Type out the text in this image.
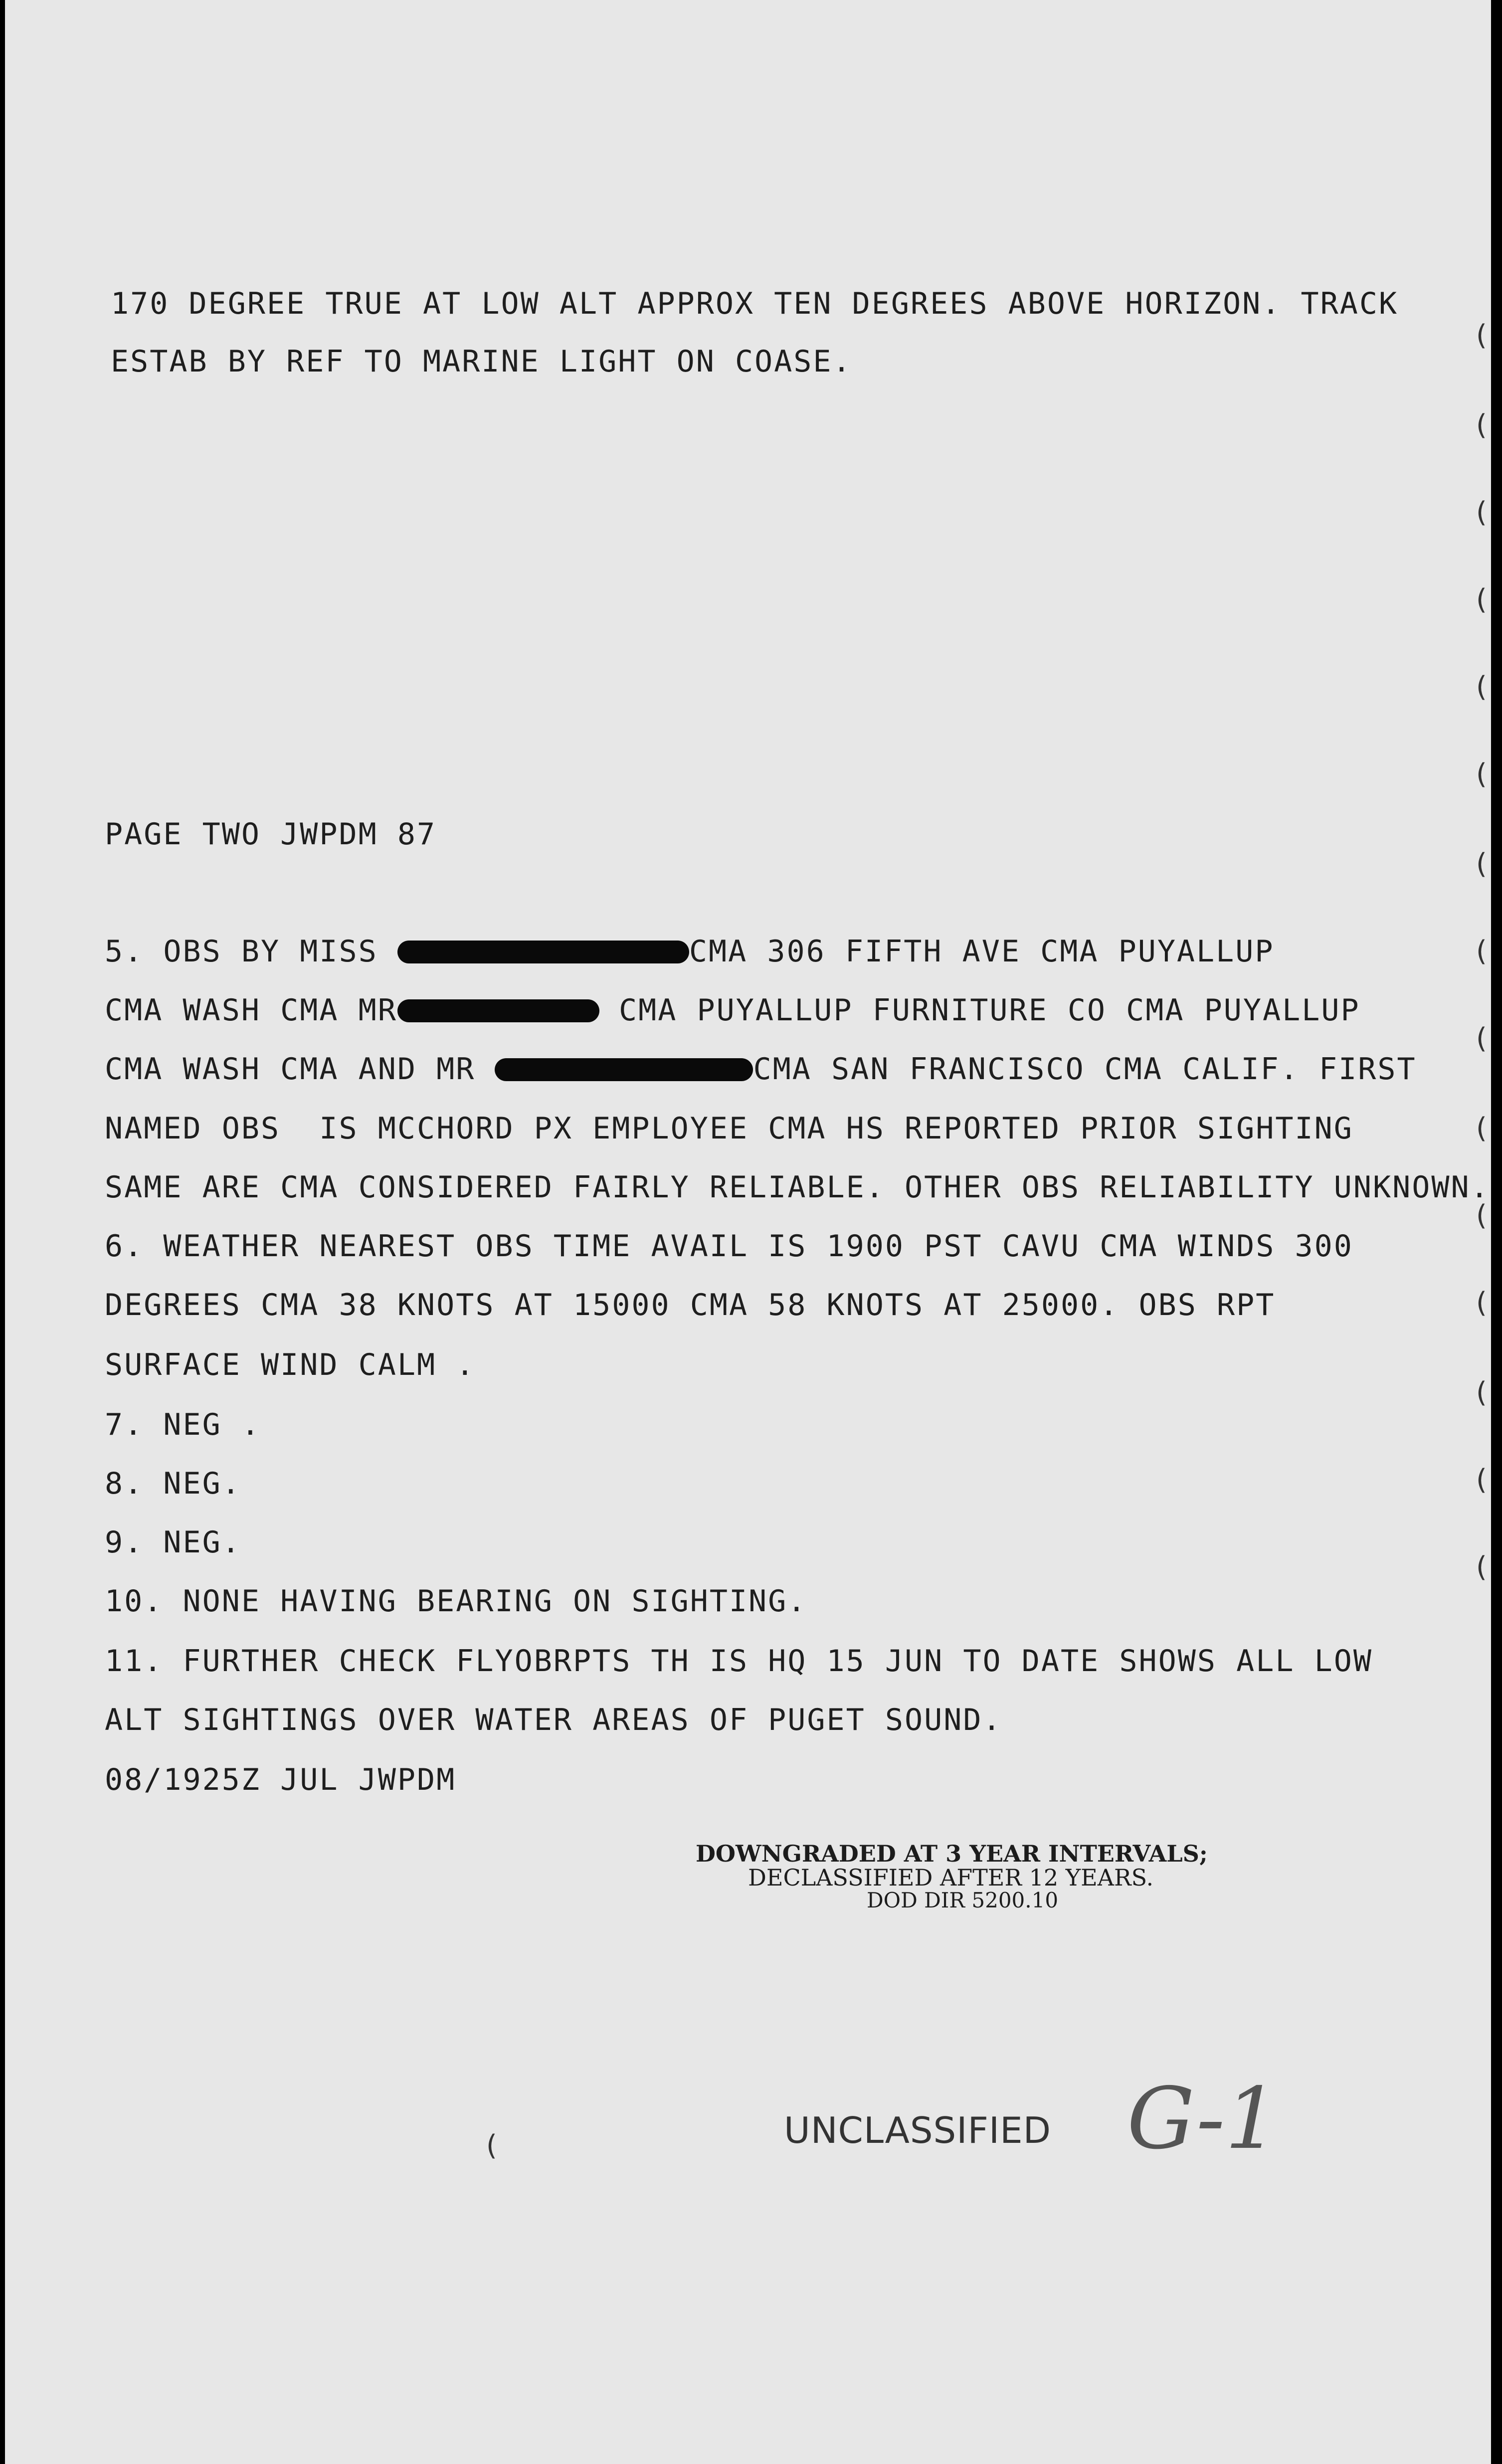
170 DEGREE TRUE AT LOW ALT APPROX TEN DEGREES ABOVE HORIZON. TRACK
ESTAB BY REF TO MARINE LIGHT ON COASE.
PAGE TWO JWPDM 87
5. OBS BY MISS	CMA 306 FIFTH AVE CMA PUYALLUP
CMA WASH CMA MR	CMA PUYALLUP FURNITURE CO CMA PUYALLUP
CMA WASH CMA AND MR	CMA SAN FRANCISCO CMA CALIF. FIRST
NAMED OBS  IS MCCHORD PX EMPLOYEE CMA HS REPORTED PRIOR SIGHTING
SAME ARE CMA CONSIDERED FAIRLY RELIABLE. OTHER OBS RELIABILITY UNKNOWN.
6. WEATHER NEAREST OBS TIME AVAIL IS 1900 PST CAVU CMA WINDS 300
DEGREES CMA 38 KNOTS AT 15000 CMA 58 KNOTS AT 25000. OBS RPT
SURFACE WIND CALM .
7. NEG .
8. NEG.
9. NEG.
10. NONE HAVING BEARING ON SIGHTING.
11. FURTHER CHECK FLYOBRPTS TH IS HQ 15 JUN TO DATE SHOWS ALL LOW
ALT SIGHTINGS OVER WATER AREAS OF PUGET SOUND.
08/1925Z JUL JWPDM
DOWNGRADED AT 3 YEAR INTERVALS;
DECLASSIFIED AFTER 12 YEARS.
DOD DIR 5200.10
UNCLASSIFIED G-1
(
(
(
(
(
(
(
(
(
(
(
(
(
(
(
(
